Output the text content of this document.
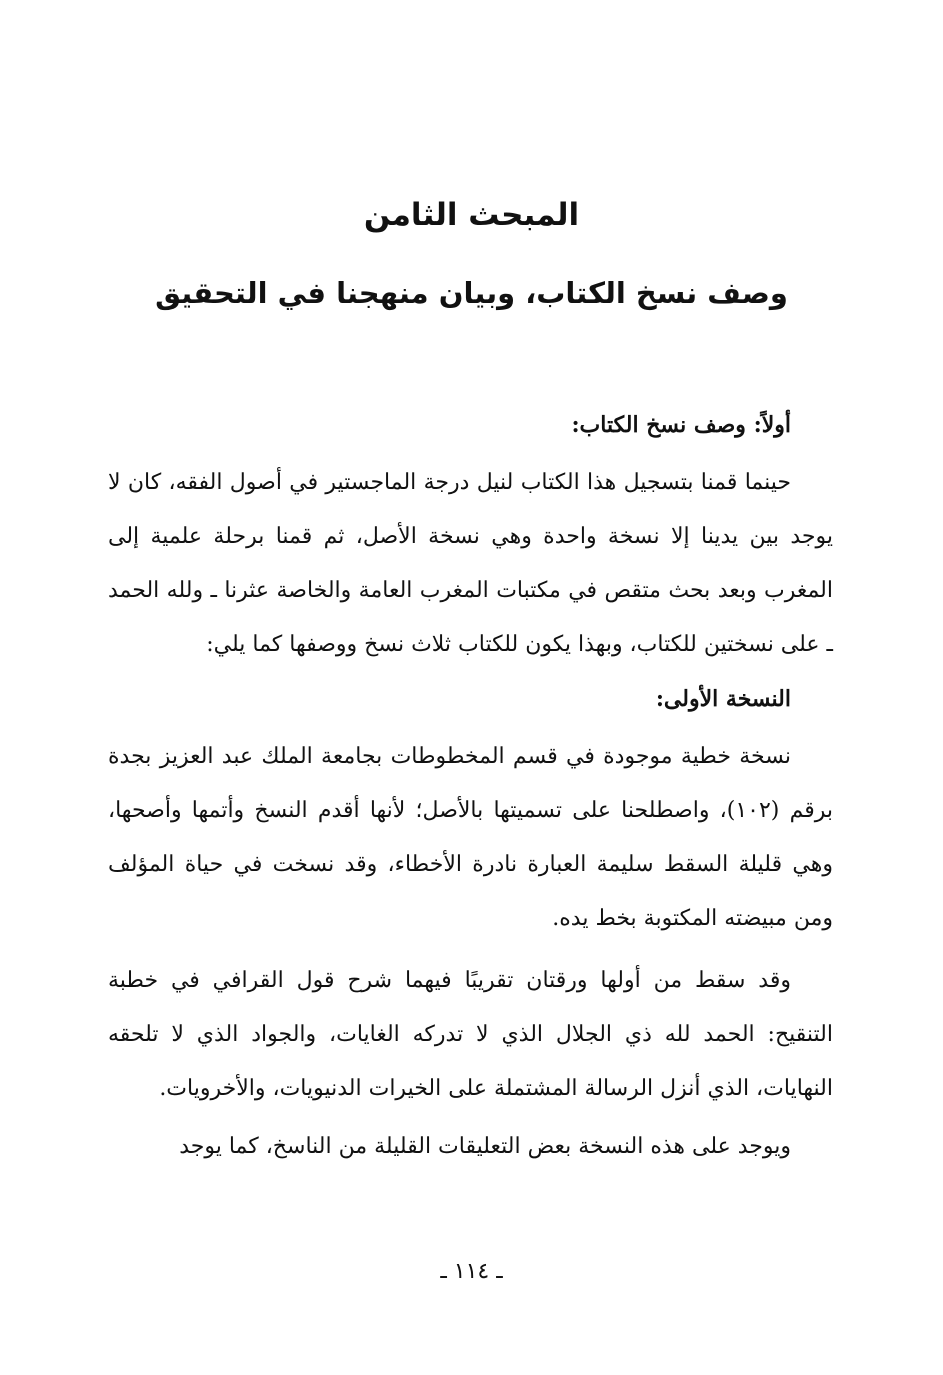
المبحث الثامن
وصف نسخ الكتاب، وبيان منهجنا في التحقيق

أولاً: وصف نسخ الكتاب:

حينما قمنا بتسجيل هذا الكتاب لنيل درجة الماجستير في أصول الفقه، كان لا يوجد بين يدينا إلا نسخة واحدة وهي نسخة الأصل، ثم قمنا برحلة علمية إلى المغرب وبعد بحث متقص في مكتبات المغرب العامة والخاصة عثرنا ـ ولله الحمد ـ على نسختين للكتاب، وبهذا يكون للكتاب ثلاث نسخ ووصفها كما يلي:

النسخة الأولى:

نسخة خطية موجودة في قسم المخطوطات بجامعة الملك عبد العزيز بجدة برقم (١٠٢)، واصطلحنا على تسميتها بالأصل؛ لأنها أقدم النسخ وأتمها وأصحها، وهي قليلة السقط سليمة العبارة نادرة الأخطاء، وقد نسخت في حياة المؤلف ومن مبيضته المكتوبة بخط يده.

وقد سقط من أولها ورقتان تقريبًا فيهما شرح قول القرافي في خطبة التنقيح: الحمد لله ذي الجلال الذي لا تدركه الغايات، والجواد الذي لا تلحقه النهايات، الذي أنزل الرسالة المشتملة على الخيرات الدنيويات، والأخرويات.

ويوجد على هذه النسخة بعض التعليقات القليلة من الناسخ، كما يوجد

ـ ١١٤ ـ
